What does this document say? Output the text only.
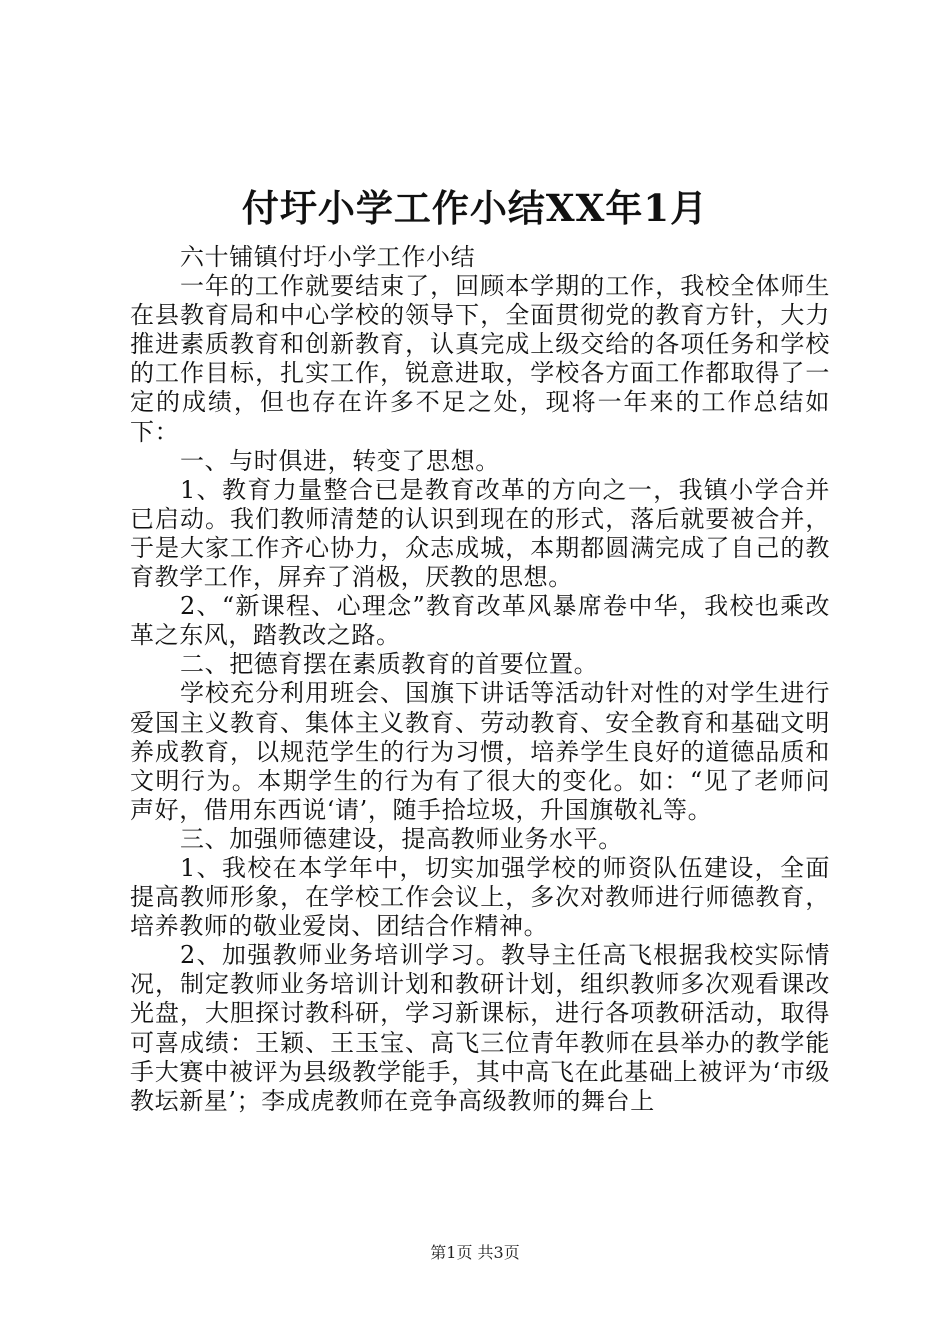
付圩小学工作小结XX年1月

六十铺镇付圩小学工作小结

一年的工作就要结束了，回顾本学期的工作，我校全体师生在县教育局和中心学校的领导下，全面贯彻党的教育方针，大力推进素质教育和创新教育，认真完成上级交给的各项任务和学校的工作目标，扎实工作，锐意进取，学校各方面工作都取得了一定的成绩，但也存在许多不足之处，现将一年来的工作总结如下：

一、与时俱进，转变了思想。

1、教育力量整合已是教育改革的方向之一，我镇小学合并已启动。我们教师清楚的认识到现在的形式，落后就要被合并，于是大家工作齐心协力，众志成城，本期都圆满完成了自己的教育教学工作，屏弃了消极，厌教的思想。

2、“新课程、心理念”教育改革风暴席卷中华，我校也乘改革之东风，踏教改之路。

二、把德育摆在素质教育的首要位置。

学校充分利用班会、国旗下讲话等活动针对性的对学生进行爱国主义教育、集体主义教育、劳动教育、安全教育和基础文明养成教育，以规范学生的行为习惯，培养学生良好的道德品质和文明行为。本期学生的行为有了很大的变化。如：“见了老师问声好，借用东西说‘请’，随手拾垃圾，升国旗敬礼等。

三、加强师德建设，提高教师业务水平。

1、我校在本学年中，切实加强学校的师资队伍建设，全面提高教师形象，在学校工作会议上，多次对教师进行师德教育，培养教师的敬业爱岗、团结合作精神。

2、加强教师业务培训学习。教导主任高飞根据我校实际情况，制定教师业务培训计划和教研计划，组织教师多次观看课改光盘，大胆探讨教科研，学习新课标，进行各项教研活动，取得可喜成绩：王颖、王玉宝、高飞三位青年教师在县举办的教学能手大赛中被评为县级教学能手，其中高飞在此基础上被评为‘市级教坛新星’；李成虎教师在竞争高级教师的舞台上

第1页 共3页
